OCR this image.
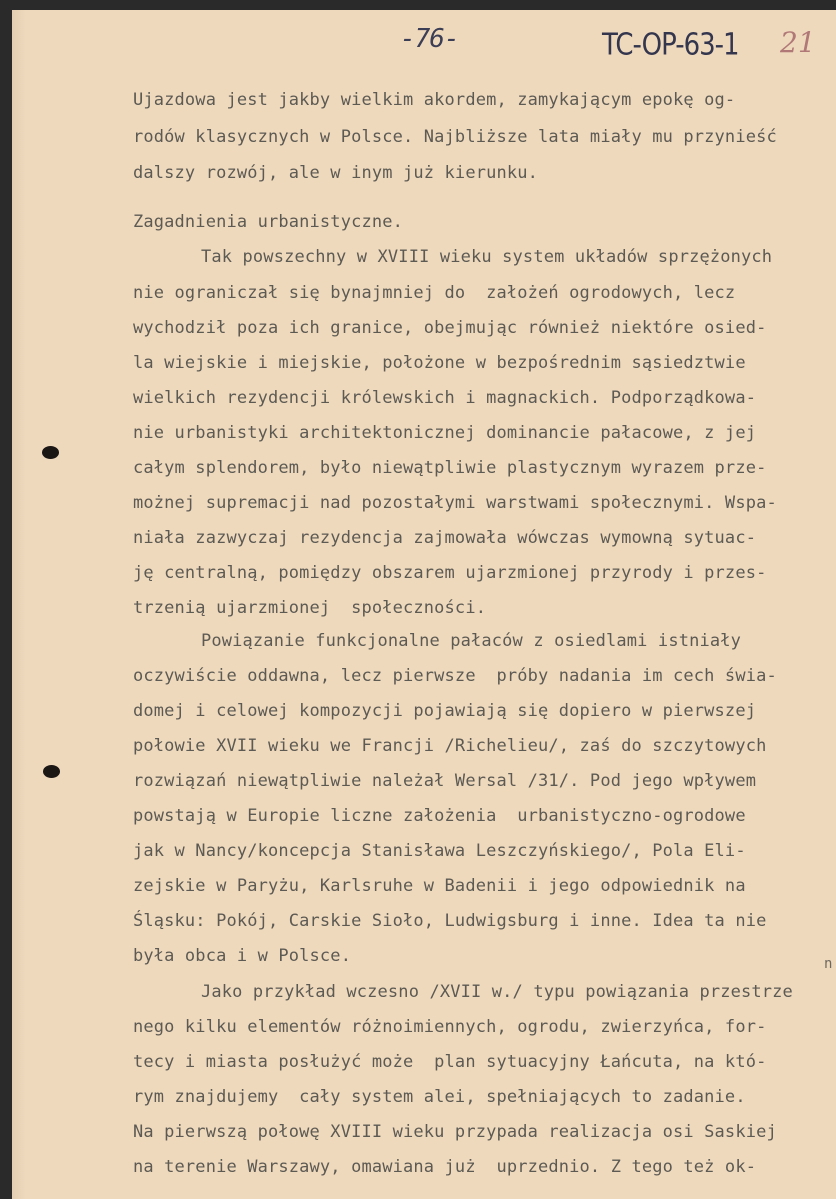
-76-	TC-OP-63-1 21
n

Ujazdowa jest jakby wielkim akordem, zamykającym epokę og-

rodów klasycznych w Polsce. Najbliższe lata miały mu przynieść

dalszy rozwój, ale w inym już kierunku.

Zagadnienia urbanistyczne.

Tak powszechny w XVIII wieku system układów sprzężonych

nie ograniczał się bynajmniej do  założeń ogrodowych, lecz

wychodził poza ich granice, obejmując również niektóre osied-

la wiejskie i miejskie, położone w bezpośrednim sąsiedztwie

wielkich rezydencji królewskich i magnackich. Podporządkowa-

nie urbanistyki architektonicznej dominancie pałacowe, z jej

całym splendorem, było niewątpliwie plastycznym wyrazem prze-

możnej supremacji nad pozostałymi warstwami społecznymi. Wspa-

niała zazwyczaj rezydencja zajmowała wówczas wymowną sytuac-

ję centralną, pomiędzy obszarem ujarzmionej przyrody i przes-

trzenią ujarzmionej  społeczności.

Powiązanie funkcjonalne pałaców z osiedlami istniały

oczywiście oddawna, lecz pierwsze  próby nadania im cech świa-

domej i celowej kompozycji pojawiają się dopiero w pierwszej

połowie XVII wieku we Francji /Richelieu/, zaś do szczytowych

rozwiązań niewątpliwie należał Wersal /31/. Pod jego wpływem

powstają w Europie liczne założenia  urbanistyczno-ogrodowe

jak w Nancy/koncepcja Stanisława Leszczyńskiego/, Pola Eli-

zejskie w Paryżu, Karlsruhe w Badenii i jego odpowiednik na

Śląsku: Pokój, Carskie Sioło, Ludwigsburg i inne. Idea ta nie

była obca i w Polsce.

Jako przykład wczesno /XVII w./ typu powiązania przestrze

nego kilku elementów różnoimiennych, ogrodu, zwierzyńca, for-

tecy i miasta posłużyć może  plan sytuacyjny Łańcuta, na któ-

rym znajdujemy  cały system alei, spełniających to zadanie.

Na pierwszą połowę XVIII wieku przypada realizacja osi Saskiej

na terenie Warszawy, omawiana już  uprzednio. Z tego też ok-
